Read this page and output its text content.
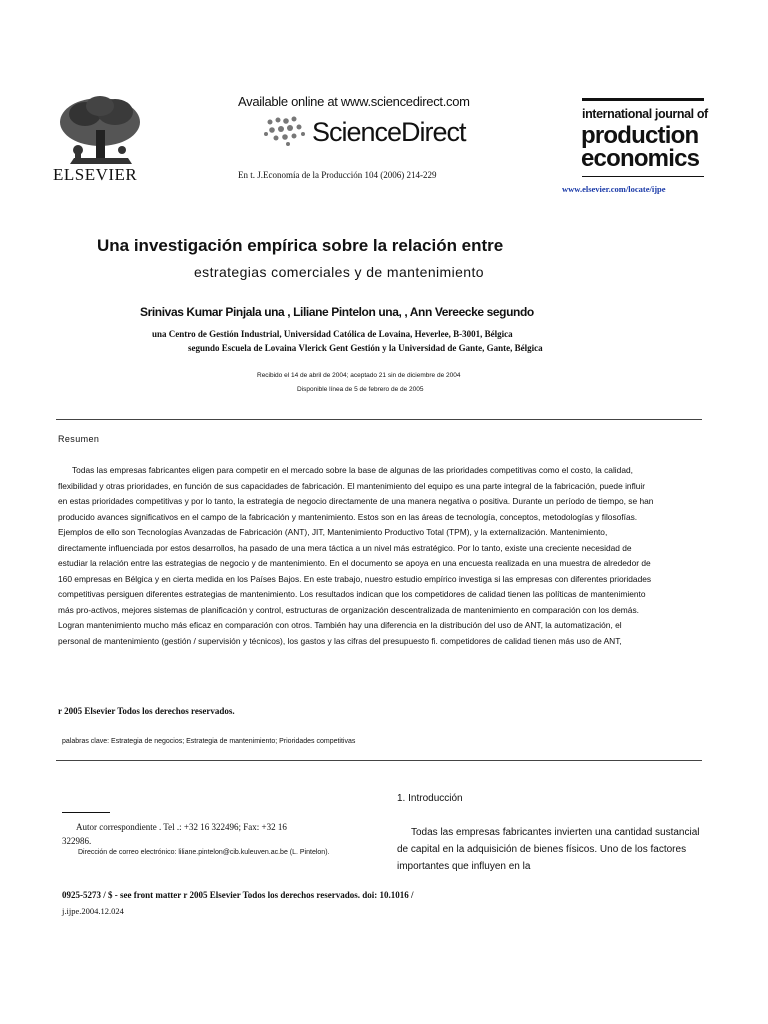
ELSEVIER
Available online at www.sciencedirect.com
ScienceDirect
En t. J.Economía de la Producción 104 (2006) 214-229
international journal of
production
economics
www.elsevier.com/locate/ijpe
Una investigación empírica sobre la relación entre
estrategias comerciales y de mantenimiento
Srinivas Kumar Pinjala una , Liliane Pintelon una, , Ann Vereecke segundo
una Centro de Gestión Industrial, Universidad Católica de Lovaina, Heverlee, B-3001, Bélgica
segundo Escuela de Lovaina Vlerick Gent Gestión y la Universidad de Gante, Gante, Bélgica
Recibido el 14 de abril de 2004; aceptado 21 sin de diciembre de 2004
Disponible línea de 5 de febrero de de 2005
Resumen
Todas las empresas fabricantes eligen para competir en el mercado sobre la base de algunas de las prioridades competitivas como el costo, la calidad,
flexibilidad y otras prioridades, en función de sus capacidades de fabricación. El mantenimiento del equipo es una parte integral de la fabricación, puede influir
en estas prioridades competitivas y por lo tanto, la estrategia de negocio directamente de una manera negativa o positiva. Durante un período de tiempo, se han
producido avances significativos en el campo de la fabricación y mantenimiento. Estos son en las áreas de tecnología, conceptos, metodologías y filosofías.
Ejemplos de ello son Tecnologías Avanzadas de Fabricación (ANT), JIT, Mantenimiento Productivo Total (TPM), y la externalización. Mantenimiento,
directamente influenciada por estos desarrollos, ha pasado de una mera táctica a un nivel más estratégico. Por lo tanto, existe una creciente necesidad de
estudiar la relación entre las estrategias de negocio y de mantenimiento. En el documento se apoya en una encuesta realizada en una muestra de alrededor de
160 empresas en Bélgica y en cierta medida en los Países Bajos. En este trabajo, nuestro estudio empírico investiga si las empresas con diferentes prioridades
competitivas persiguen diferentes estrategias de mantenimiento. Los resultados indican que los competidores de calidad tienen las políticas de mantenimiento
más pro-activos, mejores sistemas de planificación y control, estructuras de organización descentralizada de mantenimiento en comparación con los demás.
Logran mantenimiento mucho más eficaz en comparación con otros. También hay una diferencia en la distribución del uso de ANT, la automatización, el
personal de mantenimiento (gestión / supervisión y técnicos), los gastos y las cifras del presupuesto fi. competidores de calidad tienen más uso de ANT,
r 2005 Elsevier Todos los derechos reservados.
palabras clave: Estrategia de negocios; Estrategia de mantenimiento; Prioridades competitivas
Autor correspondiente . Tel .: +32 16 322496; Fax: +32 16
322986.
Dirección de correo electrónico: liliane.pintelon@cib.kuleuven.ac.be (L. Pintelon).
0925-5273 / $ - see front matter r 2005 Elsevier Todos los derechos reservados. doi: 10.1016 /
j.ijpe.2004.12.024
1. Introducción
Todas las empresas fabricantes invierten una cantidad sustancial
de capital en la adquisición de bienes físicos. Uno de los factores
importantes que influyen en la
